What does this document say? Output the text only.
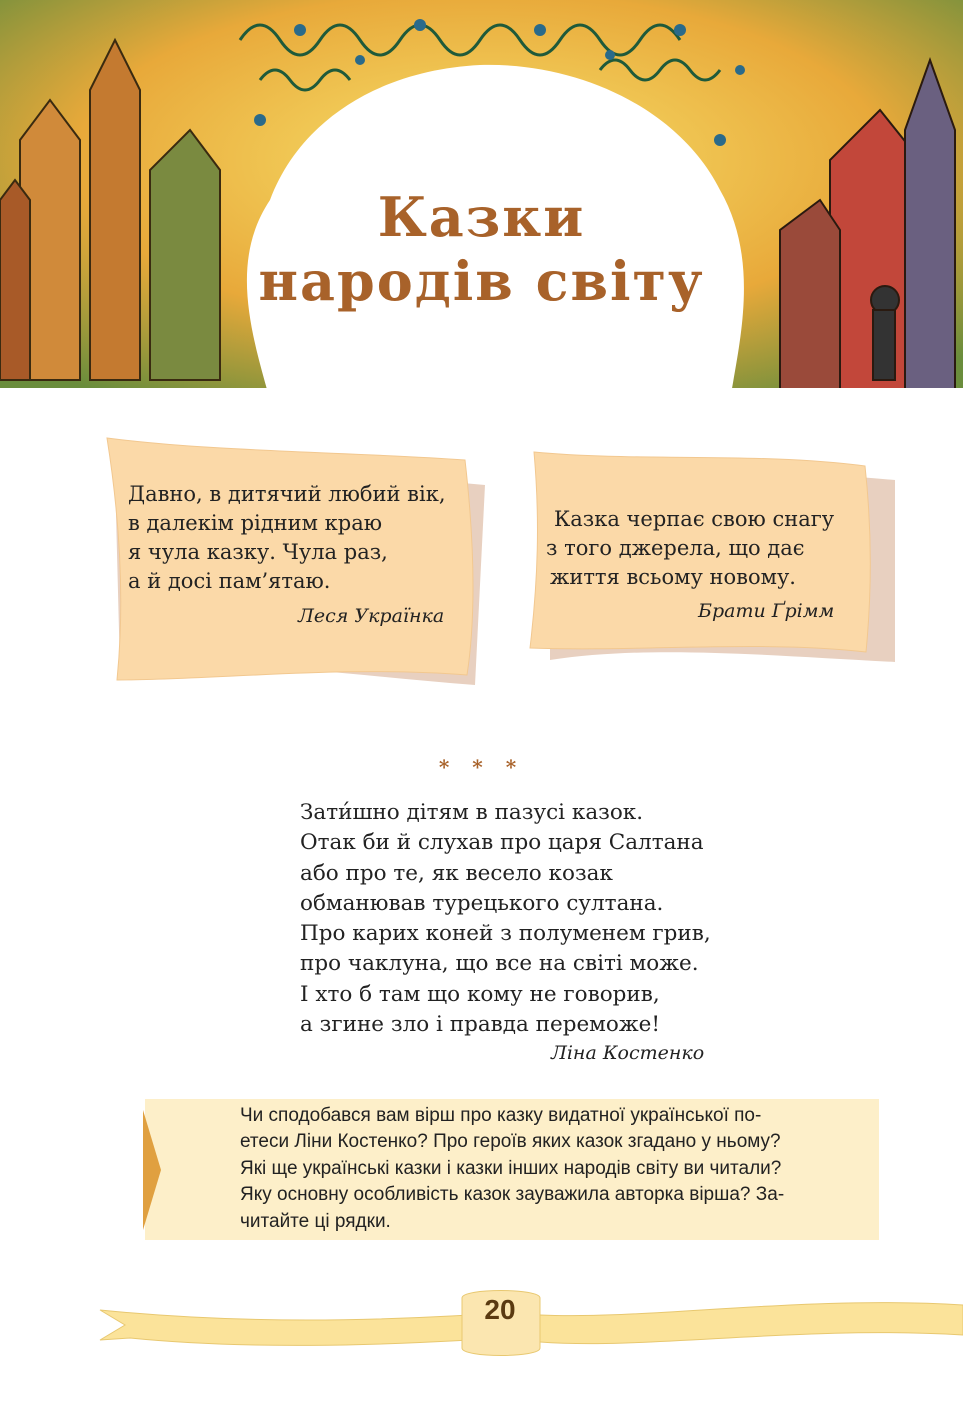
Казки
народів світу
Давно, в дитячий любий вік,
в далекім рідним краю
я чула казку. Чула раз,
а й досі пам’ятаю.
Леся Українка
Казка черпає свою снагу
з того джерела, що дає
життя всьому новому.
Брати Ґрімм
* * *
Зати́шно дітям в пазусі казок.
Отак би й слухав про царя Салтана
або про те, як весело козак
обманював турецького султана.
Про карих коней з полуменем грив,
про чаклуна, що все на світі може.
І хто б там що кому не говорив,
а згине зло і правда переможе!
Ліна Костенко
Чи сподобався вам вірш про казку видатної української по-
етеси Ліни Костенко? Про героїв яких казок згадано у ньому?
Які ще українські казки і казки інших народів світу ви читали?
Яку основну особливість казок зауважила авторка вірша? За-
читайте ці рядки.
20
